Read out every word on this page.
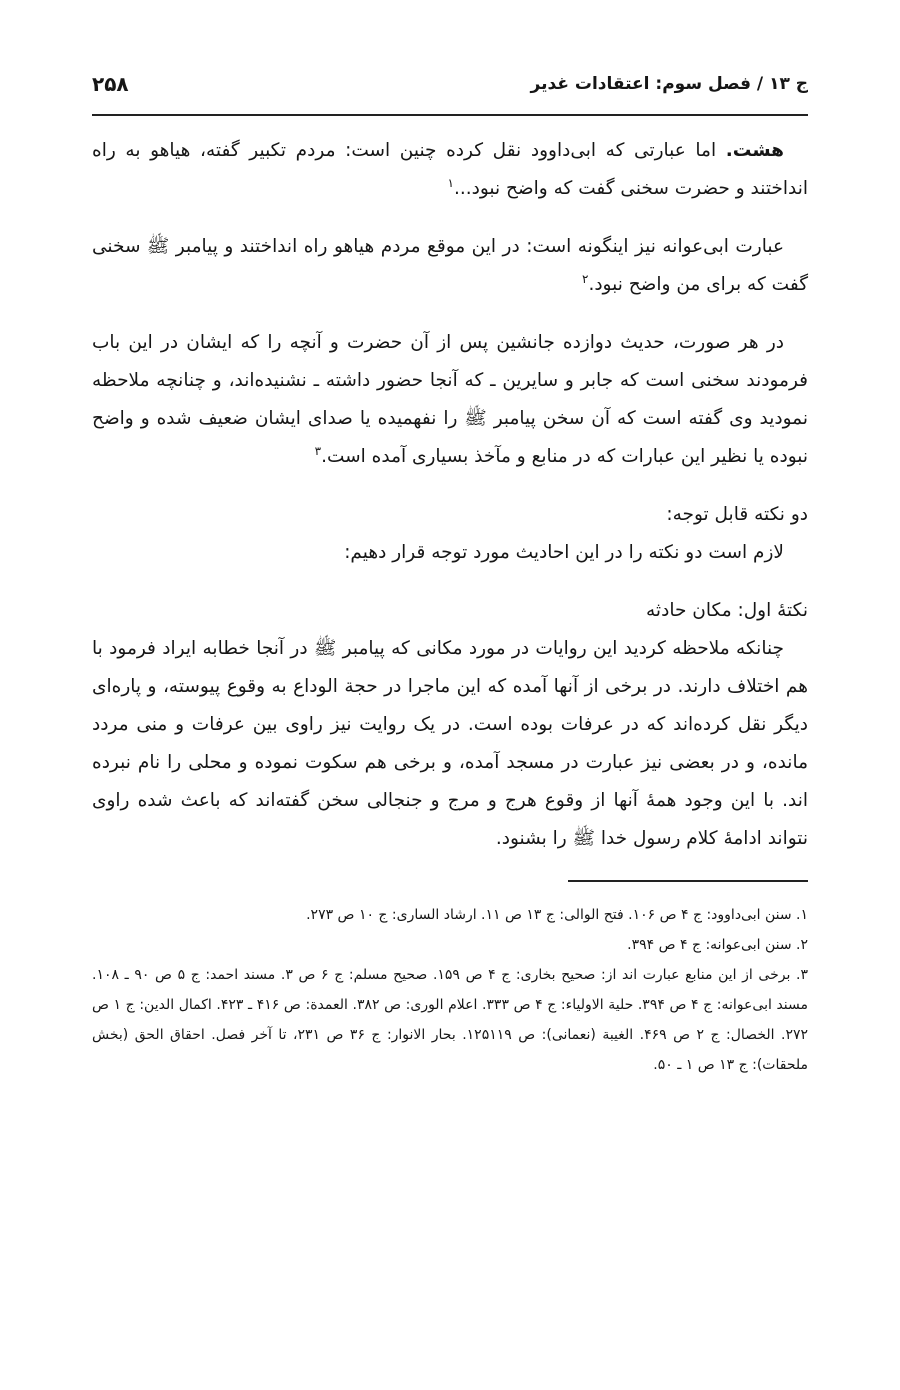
ج ۱۳ / فصل سوم: اعتقادات غدیر
۲۵۸

هشت. اما عبارتی که ابی‌داوود نقل کرده چنین است: مردم تکبیر گفته، هیاهو به راه انداختند و حضرت سخنی گفت که واضح نبود...$^۱$

عبارت ابی‌عوانه نیز اینگونه است: در این موقع مردم هیاهو راه انداختند و پیامبر ﷺ سخنی گفت که برای من واضح نبود.$^۲$

در هر صورت، حدیث دوازده جانشین پس از آن حضرت و آنچه را که ایشان در این باب فرمودند سخنی است که جابر و سایرین ـ که آنجا حضور داشته ـ نشنیده‌اند، و چنانچه ملاحظه نمودید وی گفته است که آن سخن پیامبر ﷺ را نفهمیده یا صدای ایشان ضعیف شده و واضح نبوده یا نظیر این عبارات که در منابع و مآخذ بسیاری آمده است.$^۳$

دو نکته قابل توجه:

لازم است دو نکته را در این احادیث مورد توجه قرار دهیم:

نکتهٔ اول: مکان حادثه

چنانکه ملاحظه کردید این روایات در مورد مکانی که پیامبر ﷺ در آنجا خطابه ایراد فرمود با هم اختلاف دارند. در برخی از آنها آمده که این ماجرا در حجة الوداع به وقوع پیوسته، و پاره‌ای دیگر نقل کرده‌اند که در عرفات بوده است. در یک روایت نیز راوی بین عرفات و منی مردد مانده، و در بعضی نیز عبارت در مسجد آمده، و برخی هم سکوت نموده و محلی را نام نبرده اند. با این وجود همهٔ آنها از وقوع هرج و مرج و جنجالی سخن گفته‌اند که باعث شده راوی نتواند ادامهٔ کلام رسول خدا ﷺ را بشنود.

۱. سنن ابی‌داوود: ج ۴ ص ۱۰۶. فتح الوالی: ج ۱۳ ص ۱۱. ارشاد الساری: ج ۱۰ ص ۲۷۳.

۲. سنن ابی‌عوانه: ج ۴ ص ۳۹۴.

۳. برخی از این منابع عبارت اند از: صحیح بخاری: ج ۴ ص ۱۵۹. صحیح مسلم: ج ۶ ص ۳. مسند احمد: ج ۵ ص ۹۰ ـ ۱۰۸. مسند ابی‌عوانه: ج ۴ ص ۳۹۴. حلیة الاولیاء: ج ۴ ص ۳۳۳. اعلام الوری: ص ۳۸۲. العمدة: ص ۴۱۶ ـ ۴۲۳. اکمال الدین: ج ۱ ص ۲۷۲. الخصال: ج ۲ ص ۴۶۹. الغیبة (نعمانی): ص ۱۲۵۱۱۹. بحار الانوار: ج ۳۶ ص ۲۳۱، تا آخر فصل. احقاق الحق (بخش ملحقات): ج ۱۳ ص ۱ ـ ۵۰.
